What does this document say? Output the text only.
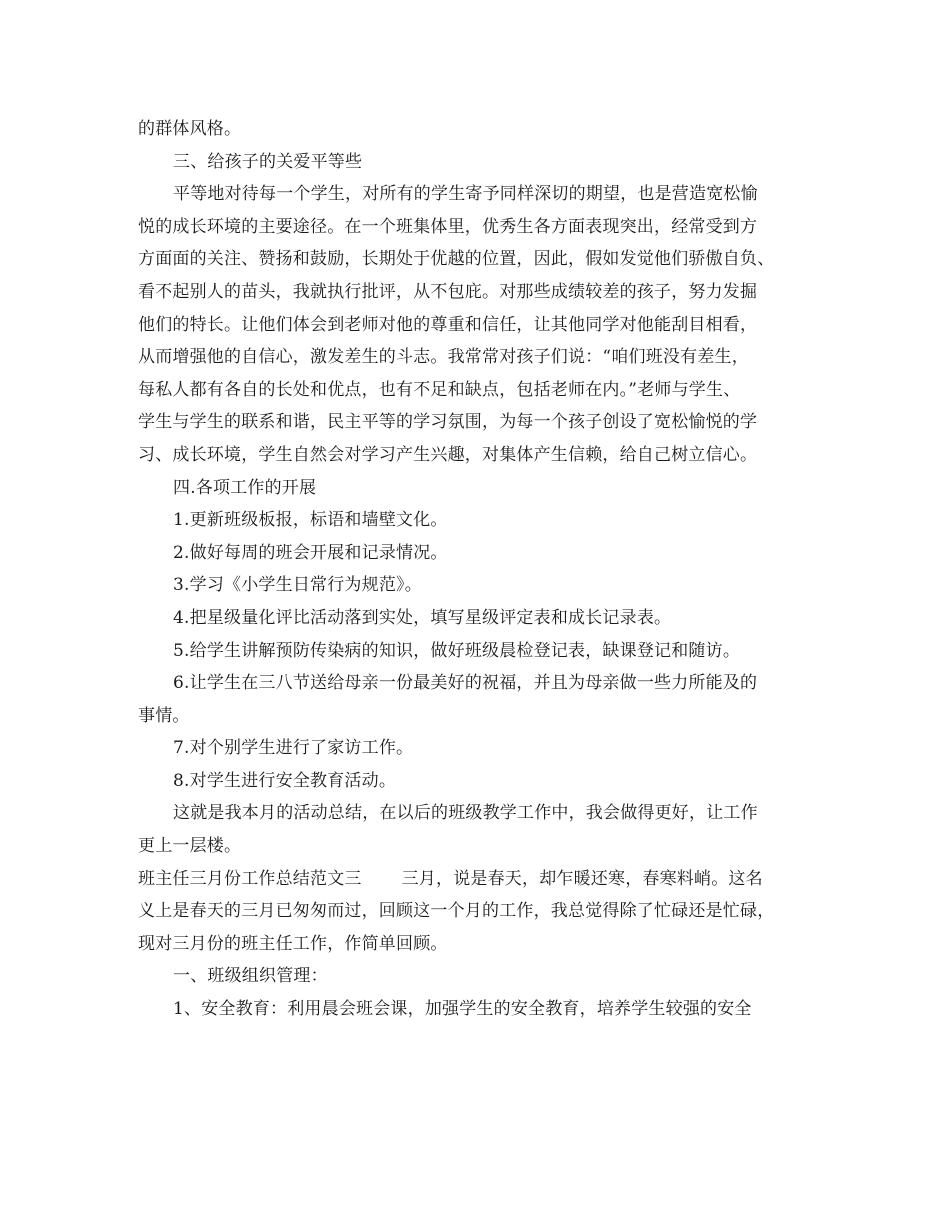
的群体风格。
三、给孩子的关爱平等些
平等地对待每一个学生，对所有的学生寄予同样深切的期望，也是营造宽松愉
悦的成长环境的主要途径。在一个班集体里，优秀生各方面表现突出，经常受到方
方面面的关注、赞扬和鼓励，长期处于优越的位置，因此，假如发觉他们骄傲自负、
看不起别人的苗头，我就执行批评，从不包庇。对那些成绩较差的孩子，努力发掘
他们的特长。让他们体会到老师对他的尊重和信任，让其他同学对他能刮目相看，
从而增强他的自信心，激发差生的斗志。我常常对孩子们说：“咱们班没有差生，
每私人都有各自的长处和优点，也有不足和缺点，包括老师在内。”老师与学生、
学生与学生的联系和谐，民主平等的学习氛围，为每一个孩子创设了宽松愉悦的学
习、成长环境，学生自然会对学习产生兴趣，对集体产生信赖，给自己树立信心。
四.各项工作的开展
1.更新班级板报，标语和墙壁文化。
2.做好每周的班会开展和记录情况。
3.学习《小学生日常行为规范》。
4.把星级量化评比活动落到实处，填写星级评定表和成长记录表。
5.给学生讲解预防传染病的知识，做好班级晨检登记表，缺课登记和随访。
6.让学生在三八节送给母亲一份最美好的祝福，并且为母亲做一些力所能及的
事情。
7.对个别学生进行了家访工作。
8.对学生进行安全教育活动。
这就是我本月的活动总结，在以后的班级教学工作中，我会做得更好，让工作
更上一层楼。
班主任三月份工作总结范文三 三月，说是春天，却乍暖还寒，春寒料峭。这名
义上是春天的三月已匆匆而过，回顾这一个月的工作，我总觉得除了忙碌还是忙碌，
现对三月份的班主任工作，作简单回顾。
一、班级组织管理：
1、安全教育：利用晨会班会课，加强学生的安全教育，培养学生较强的安全
